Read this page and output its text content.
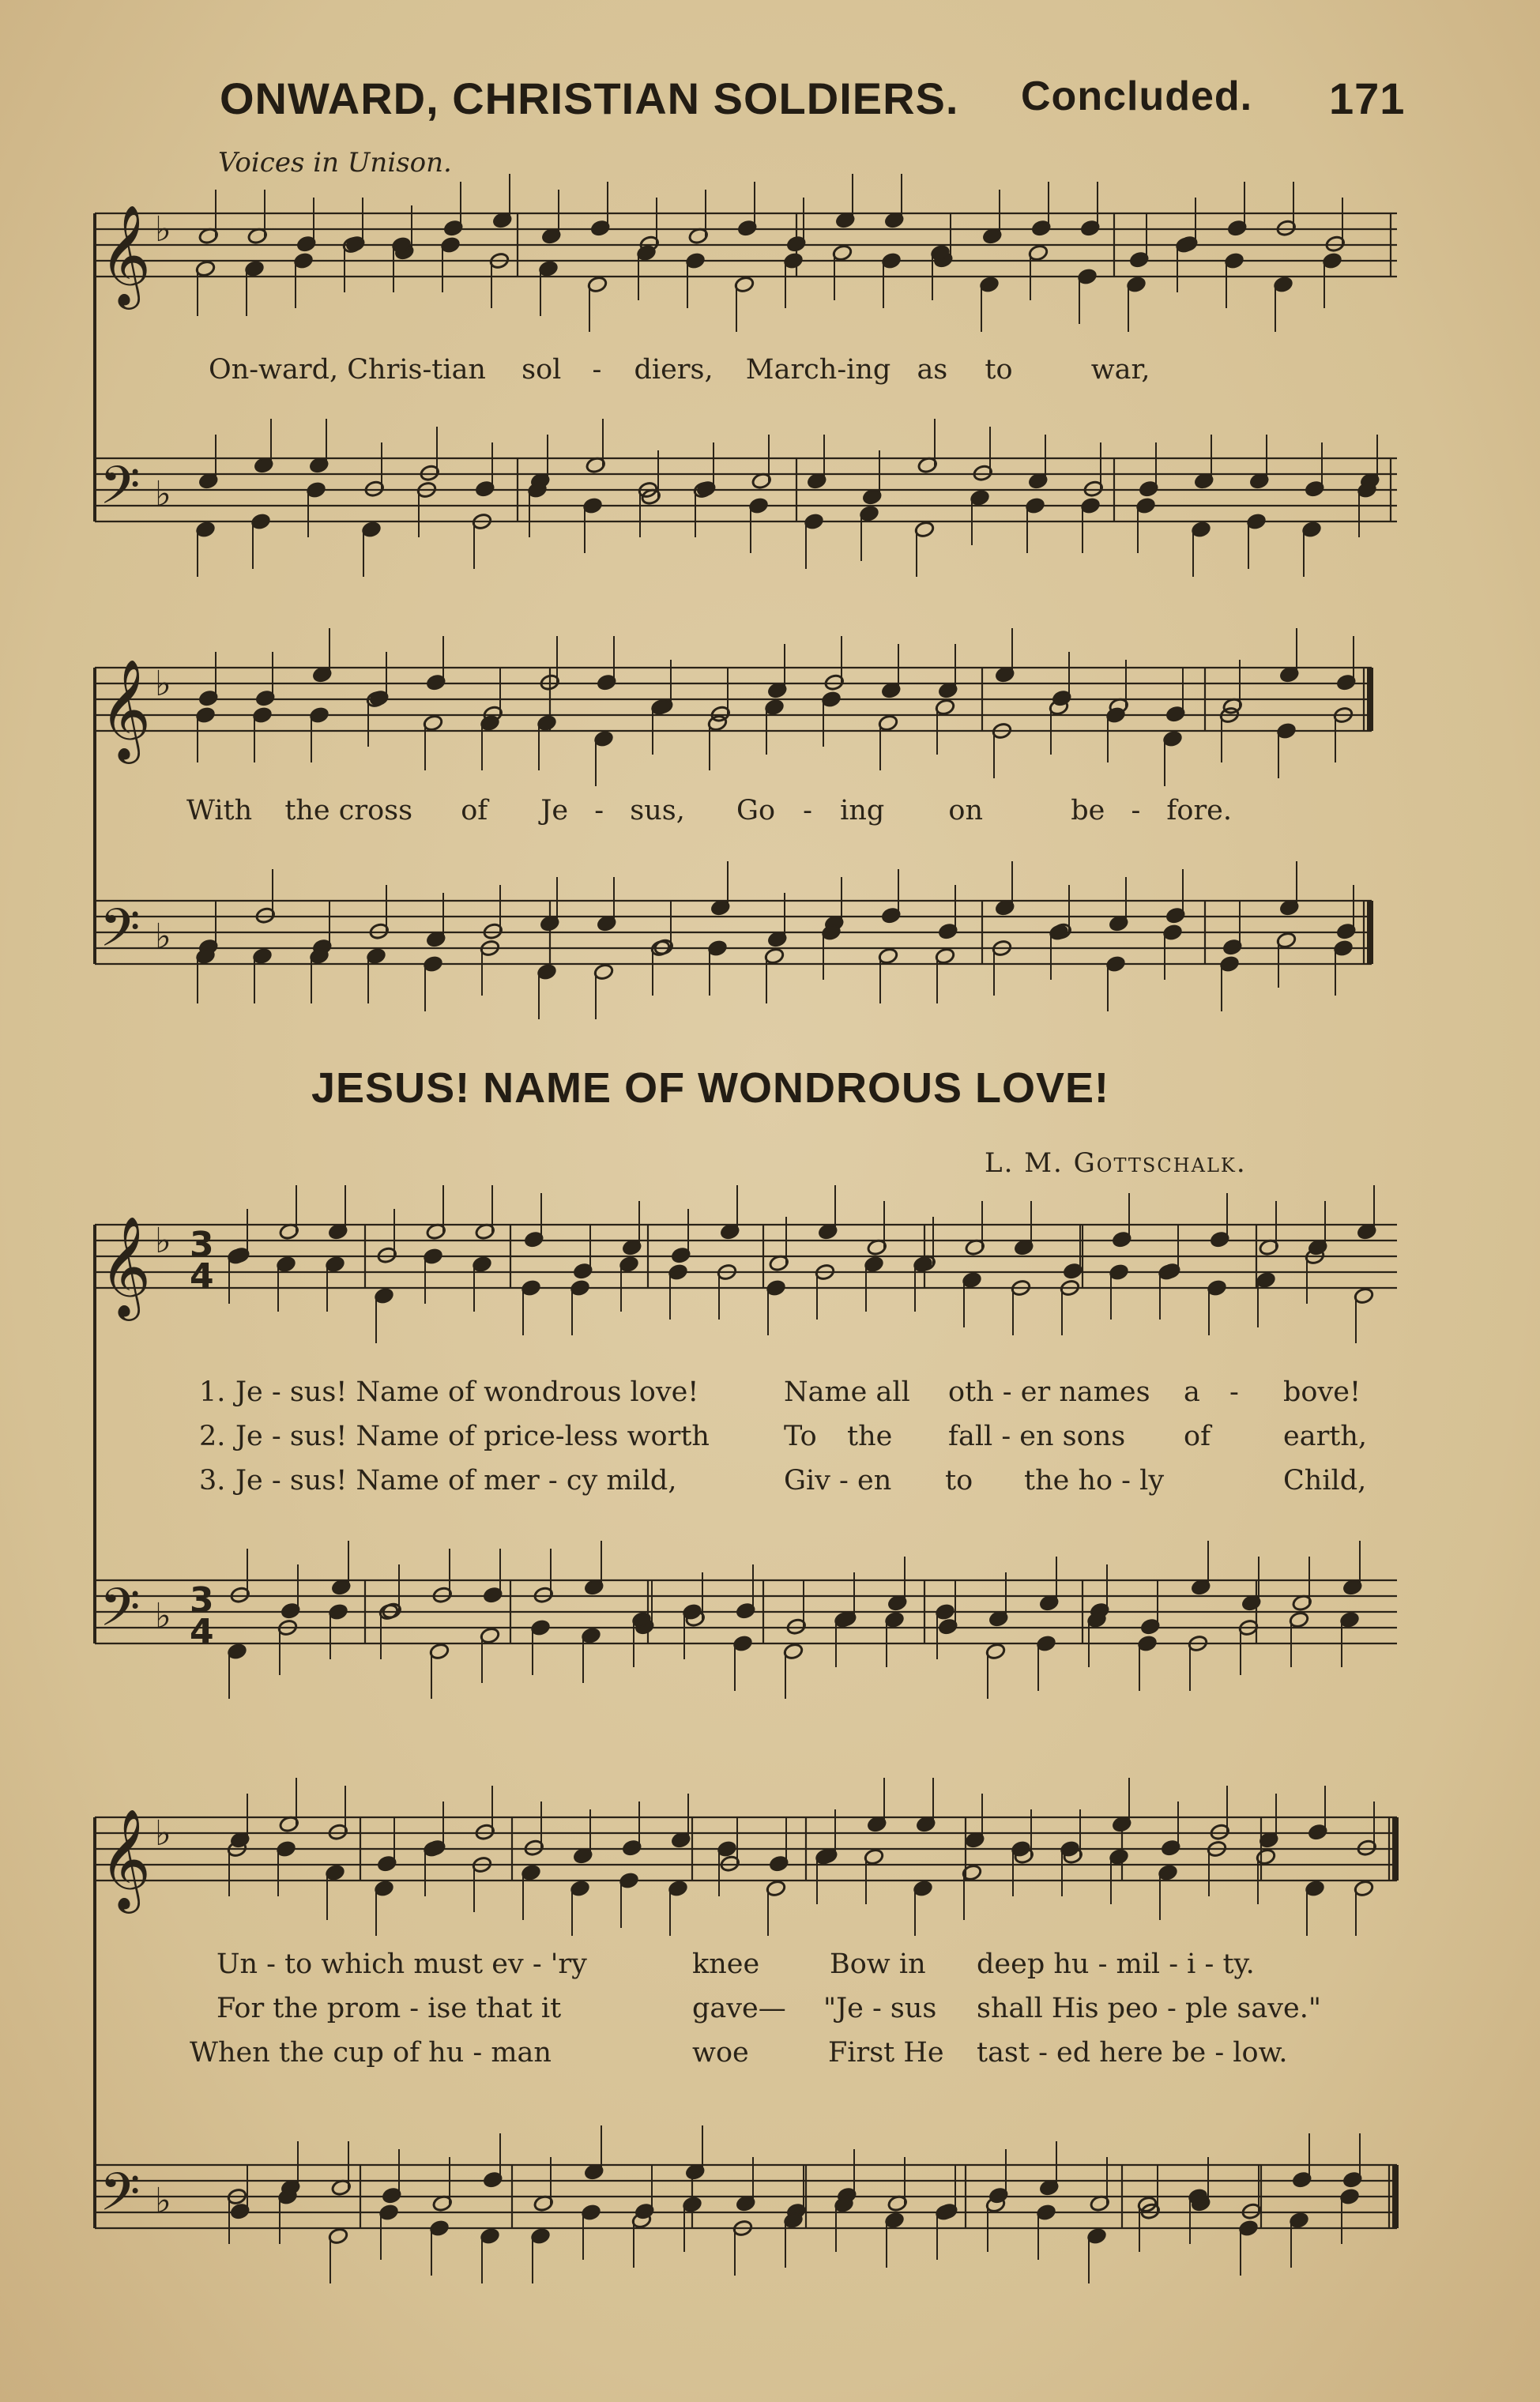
ONWARD, CHRISTIAN SOLDIERS. Concluded. 171
Voices in Unison.
𝄞
𝄢
𝄞
𝄢
𝄞
𝄢
𝄞
𝄢
♭
♭
♭
♭
♭
♭
♭
♭
3
4
3
4
On-ward, Chris-tian sol - diers, March-ing as to	war,
With the cross of Je - sus, Go - ing on	be - fore.
JESUS! NAME OF WONDROUS LOVE!
L. M. Gottschalk.
1. Je - sus! Name of wondrous love!	Name all oth - er names a - bove!
2. Je - sus! Name of price-less worth	To the fall - en sons of	earth,
3. Je - sus! Name of mer - cy mild,	Giv - en to the ho - ly	Child,
Un - to which must ev - 'ry	knee	Bow in deep hu - mil - i - ty.
For the prom - ise that it	gave— "Je - sus shall His peo - ple save."
When the cup of hu - man	woe	First He tast - ed here be - low.
